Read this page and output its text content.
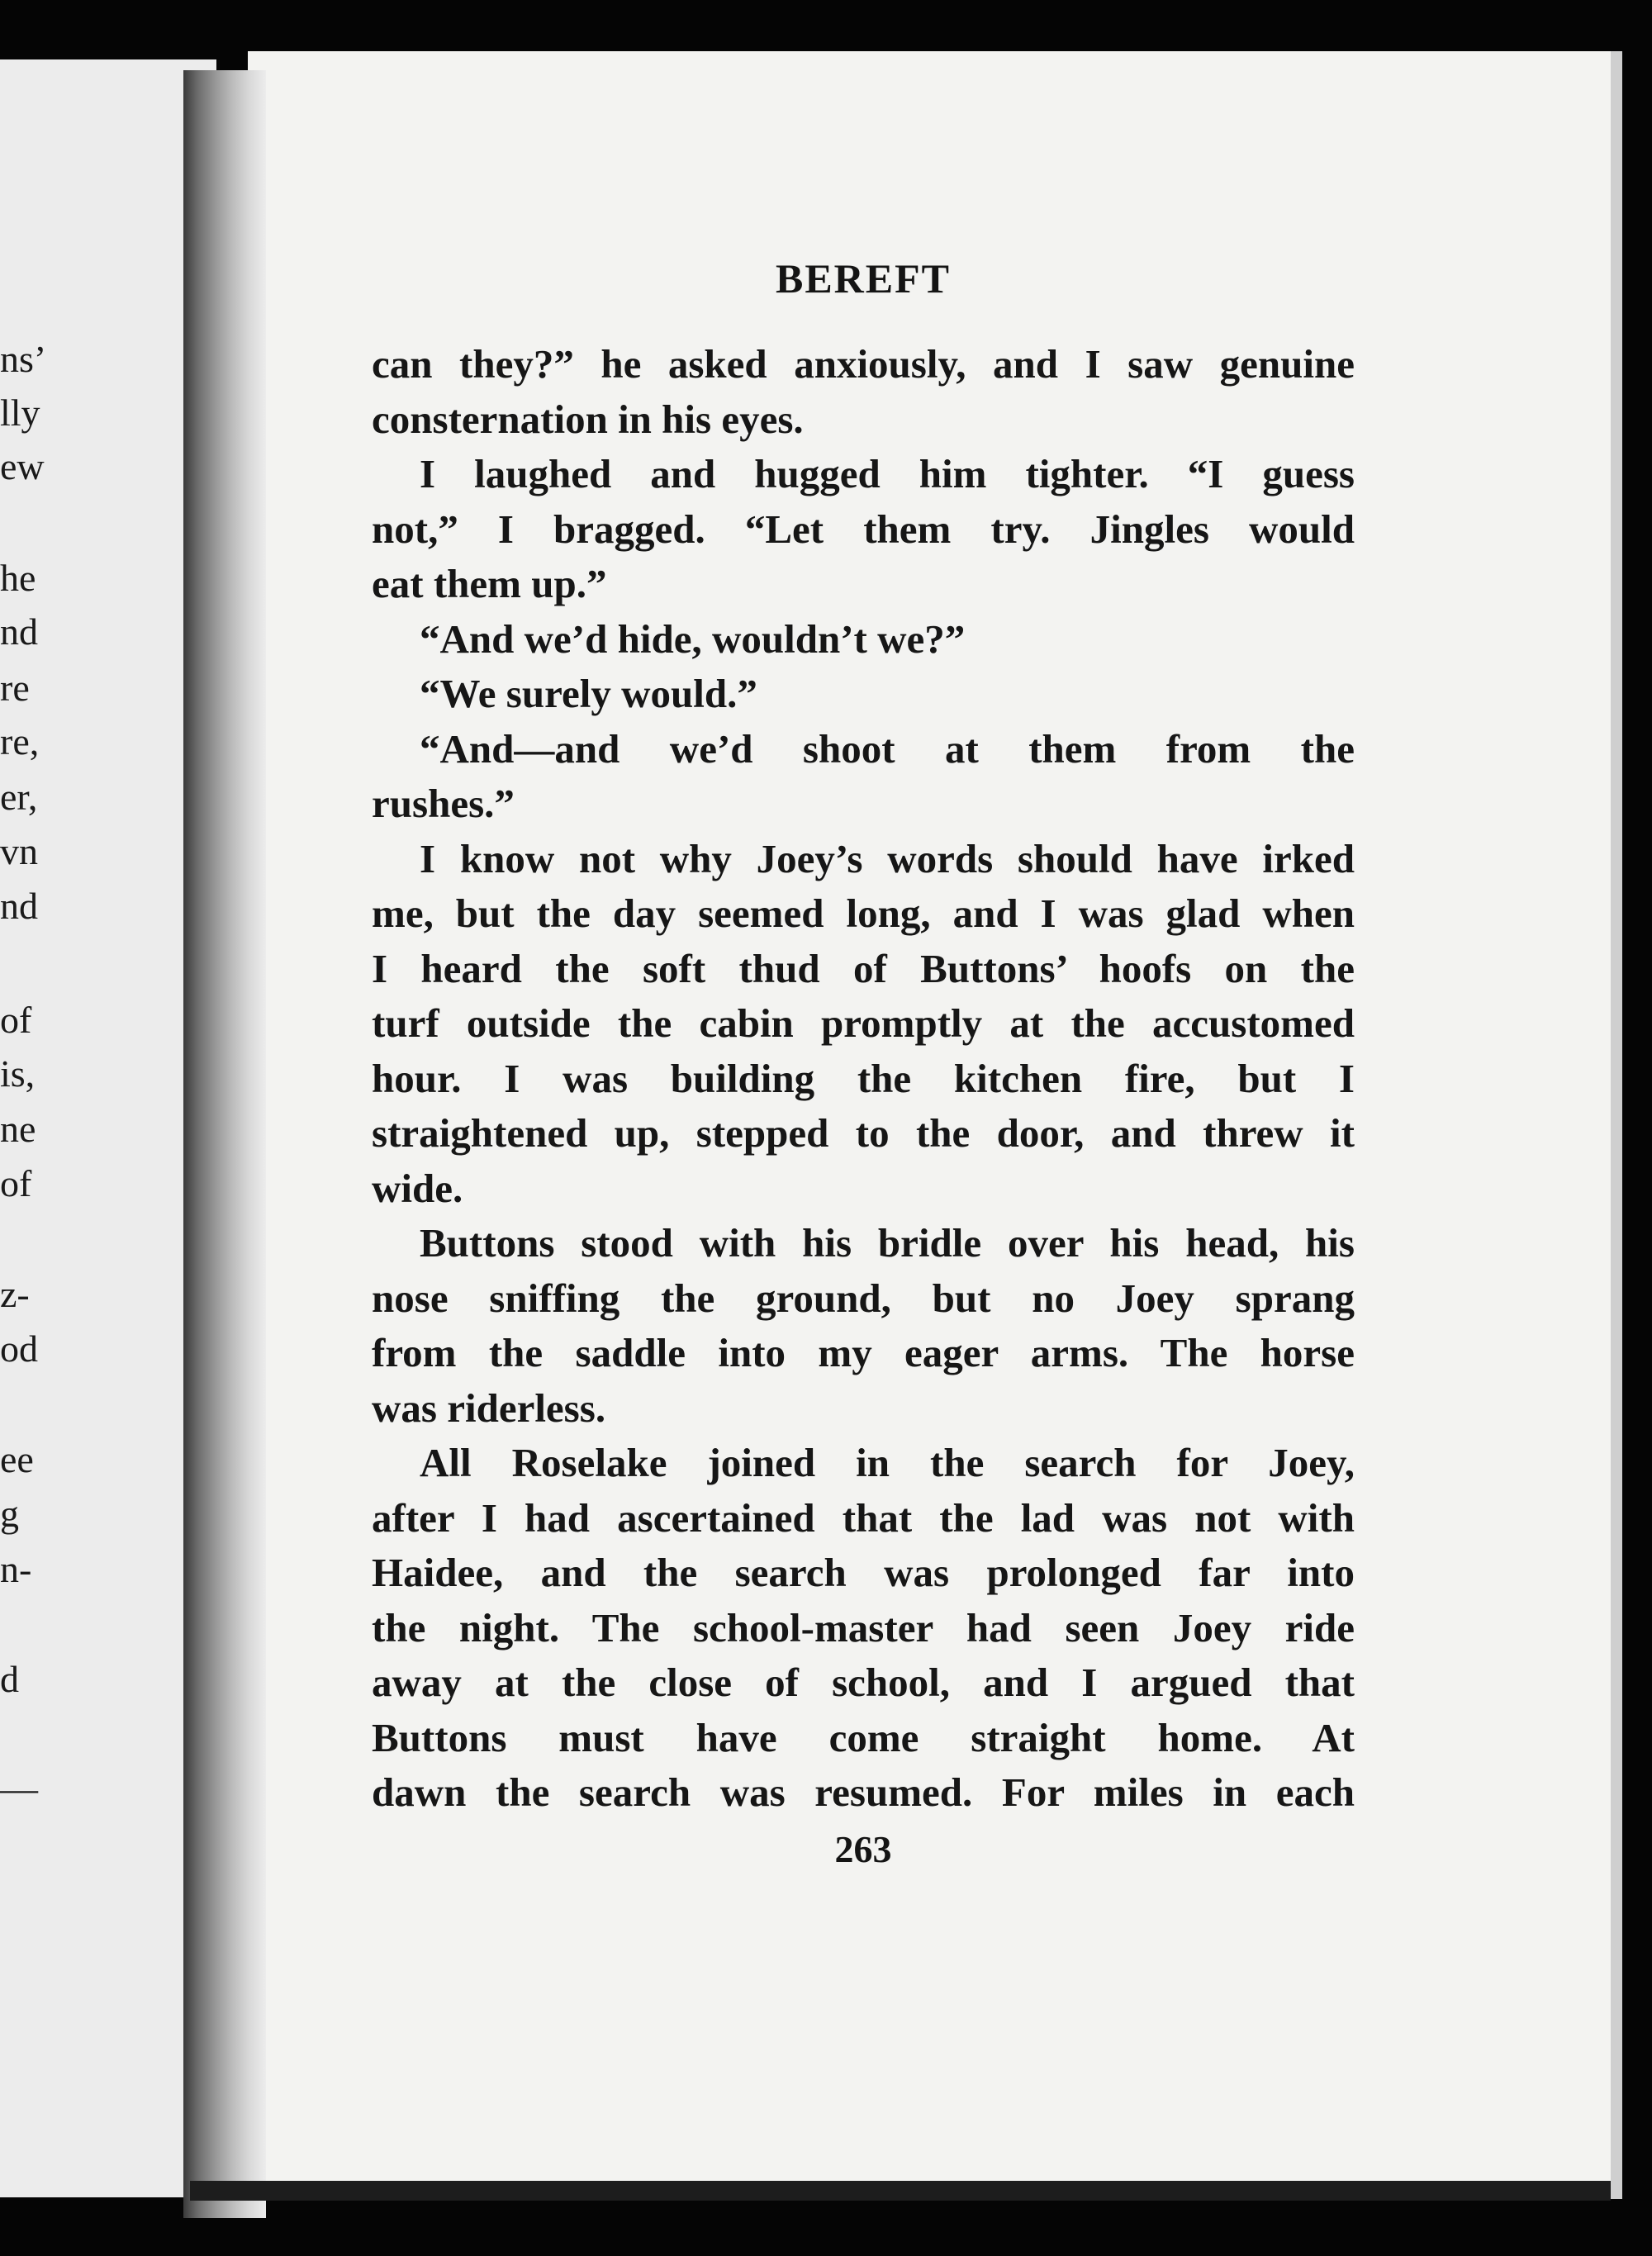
ns’
lly
ew
he
nd
re
re,
er,
vn
nd
of
is,
ne
of
z-
od
ee
g
n-
d
—
BEREFT
can they?” he asked anxiously, and I saw genuine
consternation in his eyes.
I laughed and hugged him tighter. “I guess
not,” I bragged. “Let them try. Jingles would
eat them up.”
“And we’d hide, wouldn’t we?”
“We surely would.”
“And—and we’d shoot at them from the
rushes.”
I know not why Joey’s words should have irked
me, but the day seemed long, and I was glad when
I heard the soft thud of Buttons’ hoofs on the
turf outside the cabin promptly at the accustomed
hour. I was building the kitchen fire, but I
straightened up, stepped to the door, and threw it
wide.
Buttons stood with his bridle over his head, his
nose sniffing the ground, but no Joey sprang
from the saddle into my eager arms. The horse
was riderless.
All Roselake joined in the search for Joey,
after I had ascertained that the lad was not with
Haidee, and the search was prolonged far into
the night. The school-master had seen Joey ride
away at the close of school, and I argued that
Buttons must have come straight home. At
dawn the search was resumed. For miles in each
263
